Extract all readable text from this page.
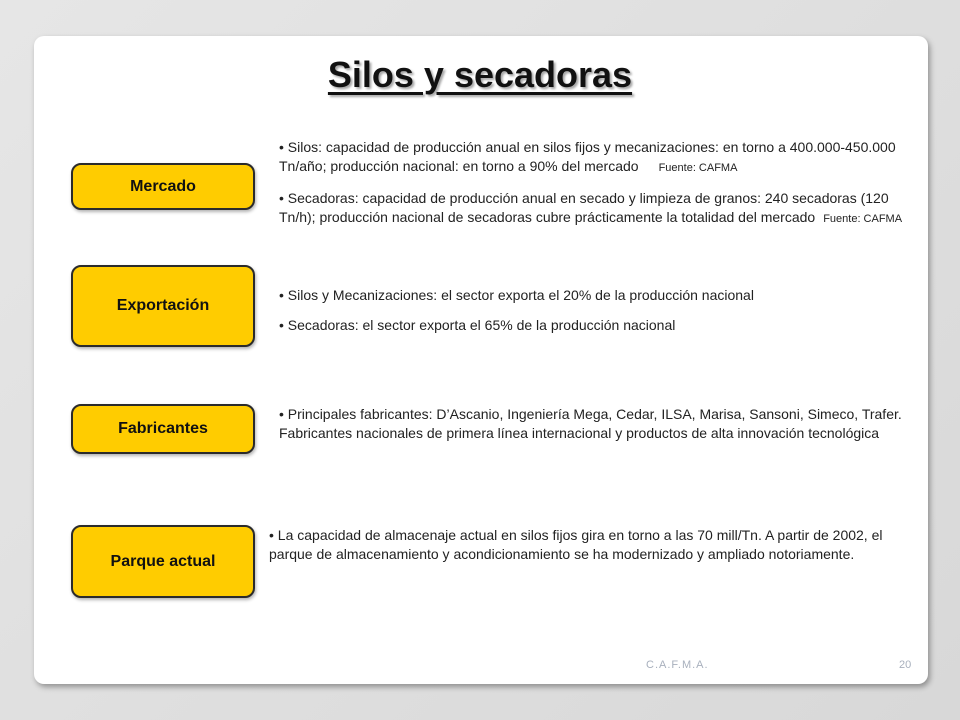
Silos y secadoras
Mercado

• Silos: capacidad de producción anual en silos fijos y mecanizaciones: en torno a 400.000-450.000 Tn/año; producción nacional: en torno a 90% del mercado Fuente: CAFMA

• Secadoras: capacidad de producción anual en secado y limpieza de granos: 240 secadoras (120 Tn/h); producción nacional de secadoras cubre prácticamente la totalidad del mercado Fuente: CAFMA

Exportación

• Silos y Mecanizaciones: el sector exporta el 20% de la producción nacional

• Secadoras: el sector exporta el 65% de la producción nacional

Fabricantes

• Principales fabricantes: D’Ascanio, Ingeniería Mega, Cedar, ILSA, Marisa, Sansoni, Simeco, Trafer. Fabricantes nacionales de primera línea internacional y productos de alta innovación tecnológica

Parque actual

• La capacidad de almacenaje actual en silos fijos gira en torno a las 70 mill/Tn. A partir de 2002, el parque de almacenamiento y acondicionamiento se ha modernizado y ampliado notoriamente.

C.A.F.M.A.	20
